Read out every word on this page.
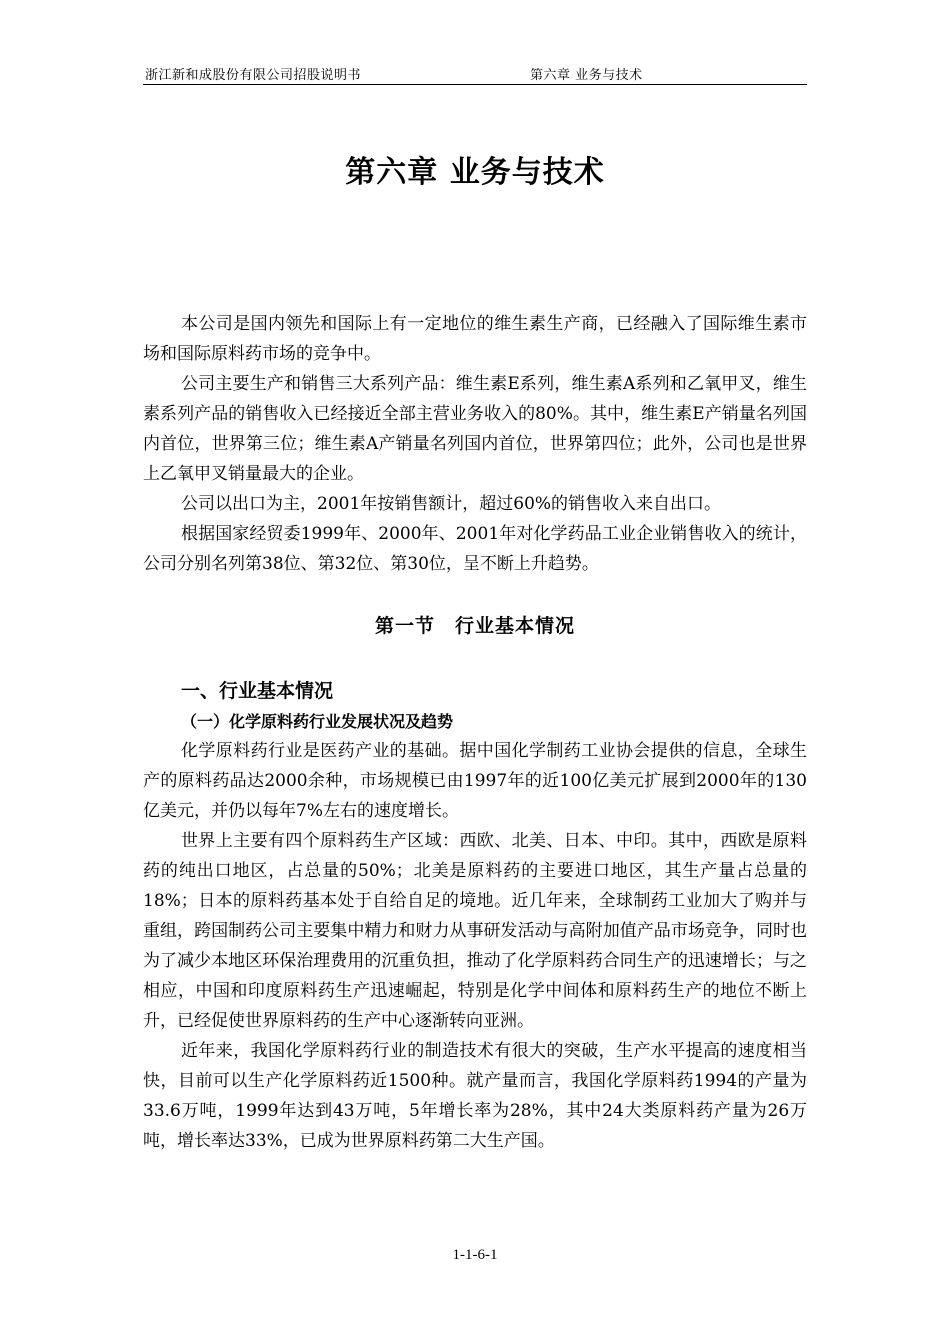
浙江新和成股份有限公司招股说明书	第六章 业务与技术
第六章 业务与技术

本公司是国内领先和国际上有一定地位的维生素生产商，已经融入了国际维生素市场和国际原料药市场的竞争中。

公司主要生产和销售三大系列产品：维生素E系列，维生素A系列和乙氧甲叉，维生素系列产品的销售收入已经接近全部主营业务收入的80%。其中，维生素E产销量名列国内首位，世界第三位；维生素A产销量名列国内首位，世界第四位；此外，公司也是世界上乙氧甲叉销量最大的企业。

公司以出口为主，2001年按销售额计，超过60%的销售收入来自出口。

根据国家经贸委1999年、2000年、2001年对化学药品工业企业销售收入的统计，公司分别名列第38位、第32位、第30位，呈不断上升趋势。

第一节　行业基本情况
一、行业基本情况
（一）化学原料药行业发展状况及趋势

化学原料药行业是医药产业的基础。据中国化学制药工业协会提供的信息，全球生产的原料药品达2000余种，市场规模已由1997年的近100亿美元扩展到2000年的130亿美元，并仍以每年7%左右的速度增长。

世界上主要有四个原料药生产区域：西欧、北美、日本、中印。其中，西欧是原料药的纯出口地区，占总量的50%；北美是原料药的主要进口地区，其生产量占总量的18%；日本的原料药基本处于自给自足的境地。近几年来，全球制药工业加大了购并与重组，跨国制药公司主要集中精力和财力从事研发活动与高附加值产品市场竞争，同时也为了减少本地区环保治理费用的沉重负担，推动了化学原料药合同生产的迅速增长；与之相应，中国和印度原料药生产迅速崛起，特别是化学中间体和原料药生产的地位不断上升，已经促使世界原料药的生产中心逐渐转向亚洲。

近年来，我国化学原料药行业的制造技术有很大的突破，生产水平提高的速度相当快，目前可以生产化学原料药近1500种。就产量而言，我国化学原料药1994的产量为33.6万吨，1999年达到43万吨，5年增长率为28%，其中24大类原料药产量为26万吨，增长率达33%，已成为世界原料药第二大生产国。

1-1-6-1
